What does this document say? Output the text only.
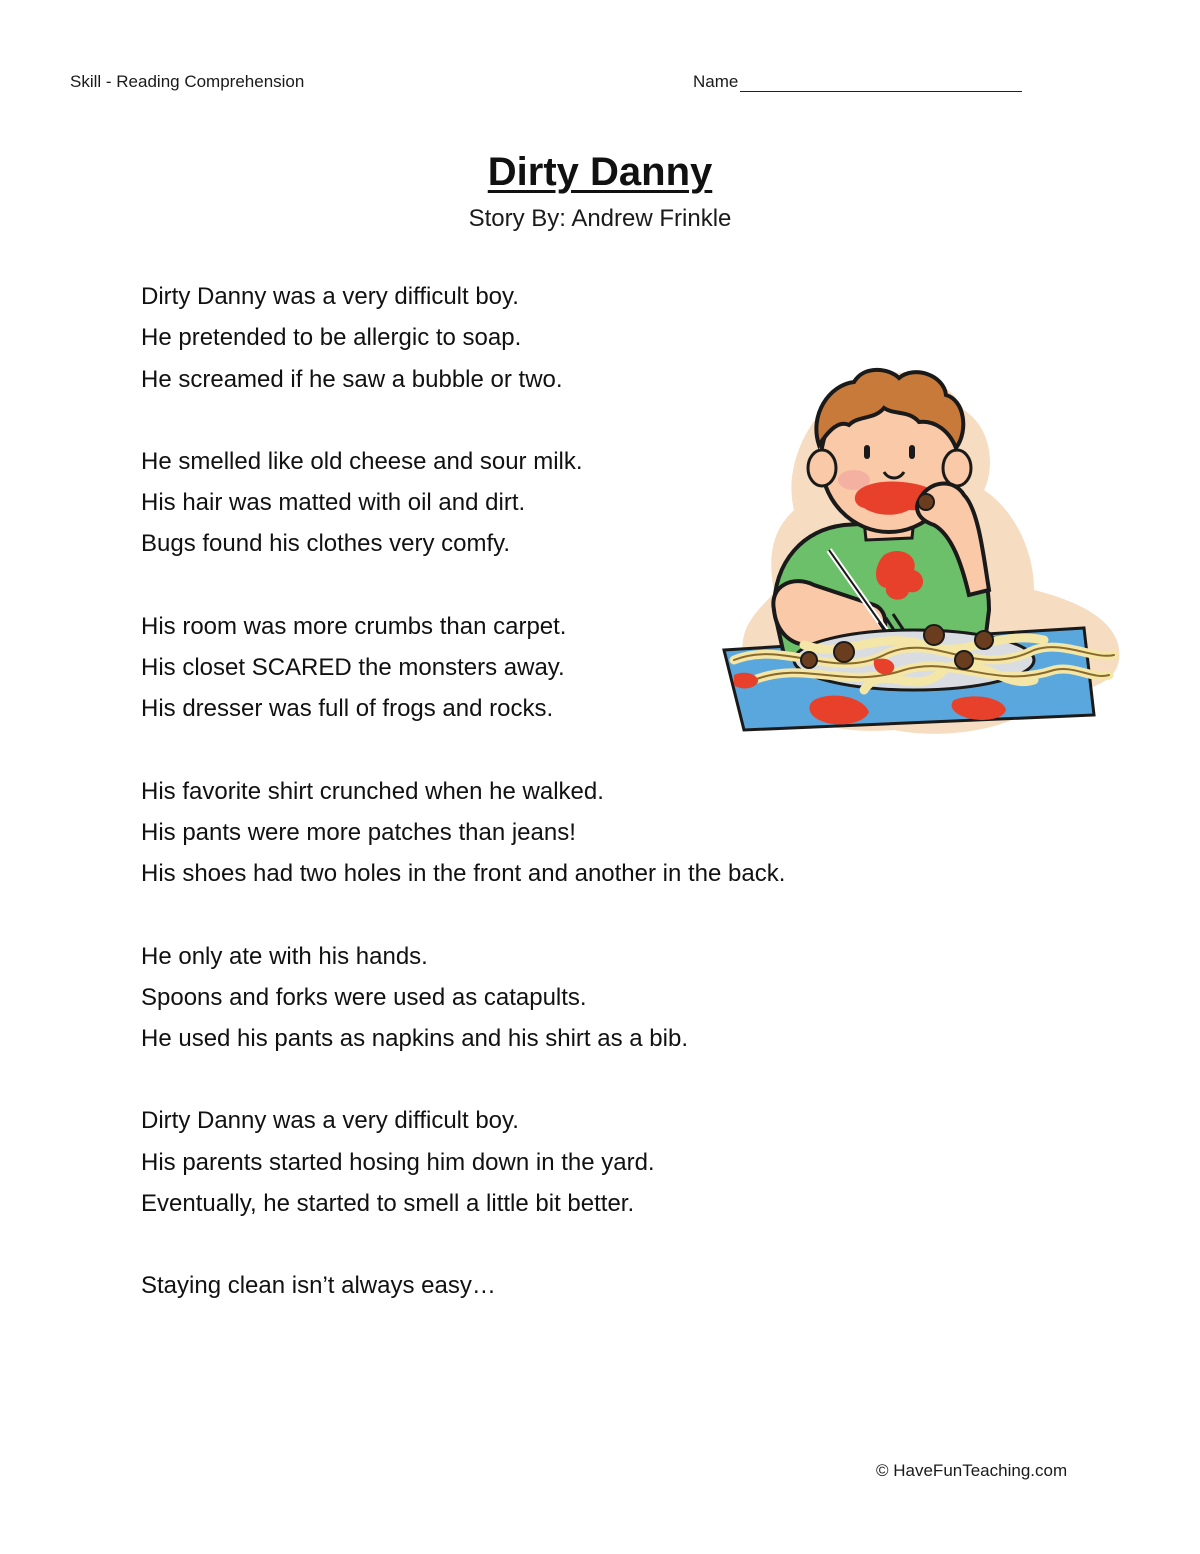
Skill - Reading Comprehension	Name
Dirty Danny
Story By: Andrew Frinkle
Dirty Danny was a very difficult boy.
He pretended to be allergic to soap.
He screamed if he saw a bubble or two.
He smelled like old cheese and sour milk.
His hair was matted with oil and dirt.
Bugs found his clothes very comfy.
His room was more crumbs than carpet.
His closet SCARED the monsters away.
His dresser was full of frogs and rocks.
His favorite shirt crunched when he walked.
His pants were more patches than jeans!
His shoes had two holes in the front and another in the back.
He only ate with his hands.
Spoons and forks were used as catapults.
He used his pants as napkins and his shirt as a bib.
Dirty Danny was a very difficult boy.
His parents started hosing him down in the yard.
Eventually, he started to smell a little bit better.
Staying clean isn’t always easy…
© HaveFunTeaching.com
